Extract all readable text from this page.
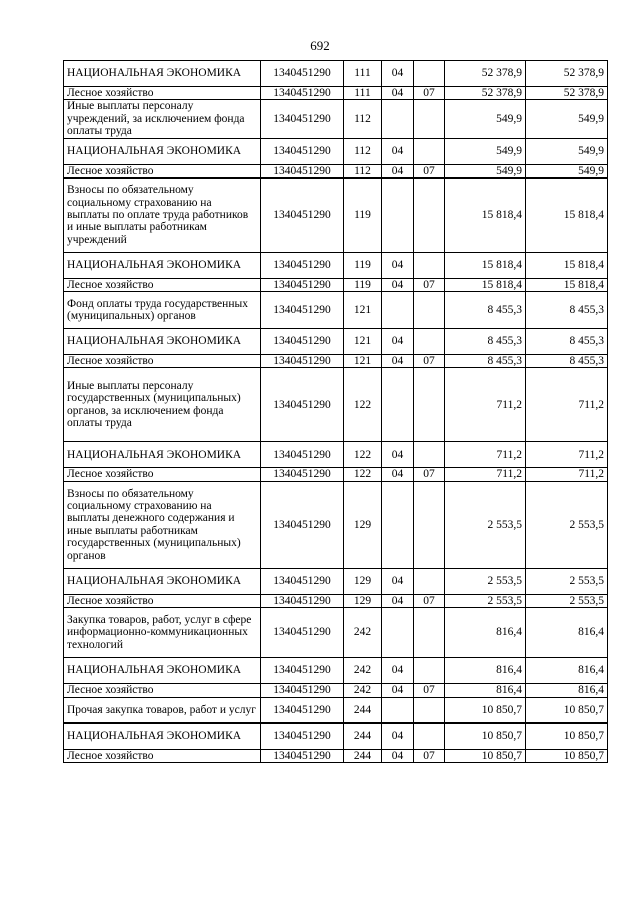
692
НАЦИОНАЛЬНАЯ ЭКОНОМИКА	1340451290	111	04		52 378,9	52 378,9
Лесное хозяйство	1340451290	111	04	07	52 378,9	52 378,9
Иные выплаты персоналу учреждений, за исключением фонда оплаты труда	1340451290	112			549,9	549,9
НАЦИОНАЛЬНАЯ ЭКОНОМИКА	1340451290	112	04		549,9	549,9
Лесное хозяйство	1340451290	112	04	07	549,9	549,9
Взносы по обязательному социальному страхованию на выплаты по оплате труда работников и иные выплаты работникам учреждений	1340451290	119			15 818,4	15 818,4
НАЦИОНАЛЬНАЯ ЭКОНОМИКА	1340451290	119	04		15 818,4	15 818,4
Лесное хозяйство	1340451290	119	04	07	15 818,4	15 818,4
Фонд оплаты труда государственных (муниципальных) органов	1340451290	121			8 455,3	8 455,3
НАЦИОНАЛЬНАЯ ЭКОНОМИКА	1340451290	121	04		8 455,3	8 455,3
Лесное хозяйство	1340451290	121	04	07	8 455,3	8 455,3
Иные выплаты персоналу государственных (муниципальных) органов, за исключением фонда оплаты труда	1340451290	122			711,2	711,2
НАЦИОНАЛЬНАЯ ЭКОНОМИКА	1340451290	122	04		711,2	711,2
Лесное хозяйство	1340451290	122	04	07	711,2	711,2
Взносы по обязательному социальному страхованию на выплаты денежного содержания и иные выплаты работникам государственных (муниципальных) органов	1340451290	129			2 553,5	2 553,5
НАЦИОНАЛЬНАЯ ЭКОНОМИКА	1340451290	129	04		2 553,5	2 553,5
Лесное хозяйство	1340451290	129	04	07	2 553,5	2 553,5
Закупка товаров, работ, услуг в сфере информационно-коммуникационных технологий	1340451290	242			816,4	816,4
НАЦИОНАЛЬНАЯ ЭКОНОМИКА	1340451290	242	04		816,4	816,4
Лесное хозяйство	1340451290	242	04	07	816,4	816,4
Прочая закупка товаров, работ и услуг	1340451290	244			10 850,7	10 850,7
НАЦИОНАЛЬНАЯ ЭКОНОМИКА	1340451290	244	04		10 850,7	10 850,7
Лесное хозяйство	1340451290	244	04	07	10 850,7	10 850,7
